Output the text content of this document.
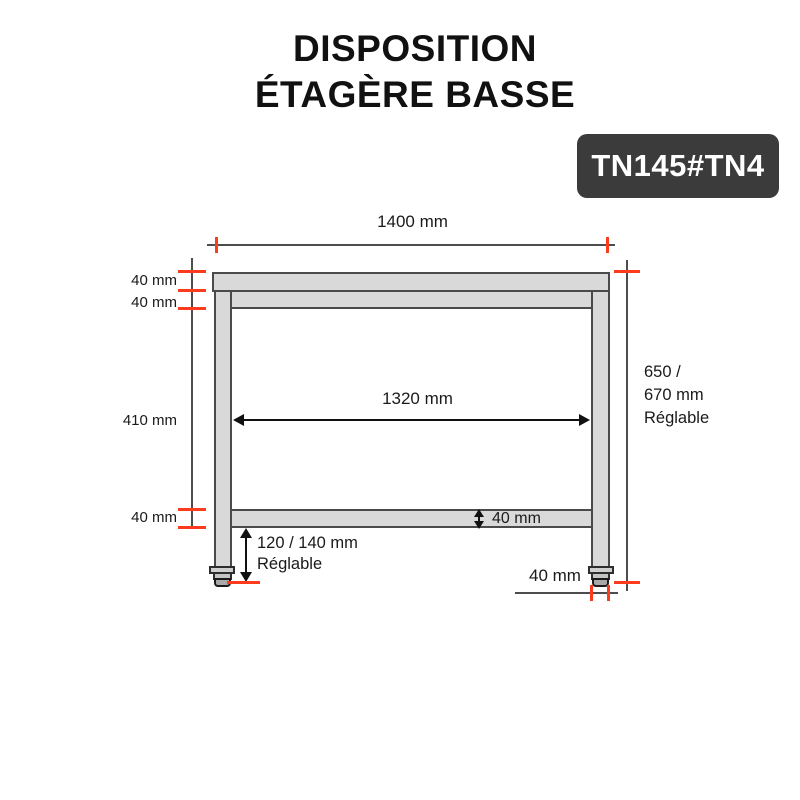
DISPOSITION
ÉTAGÈRE BASSE
TN145#TN4
1400 mm
40 mm
40 mm
410 mm
40 mm
650 /
670 mm
Réglable
1320 mm
40 mm
120 / 140 mm
Réglable
40 mm
